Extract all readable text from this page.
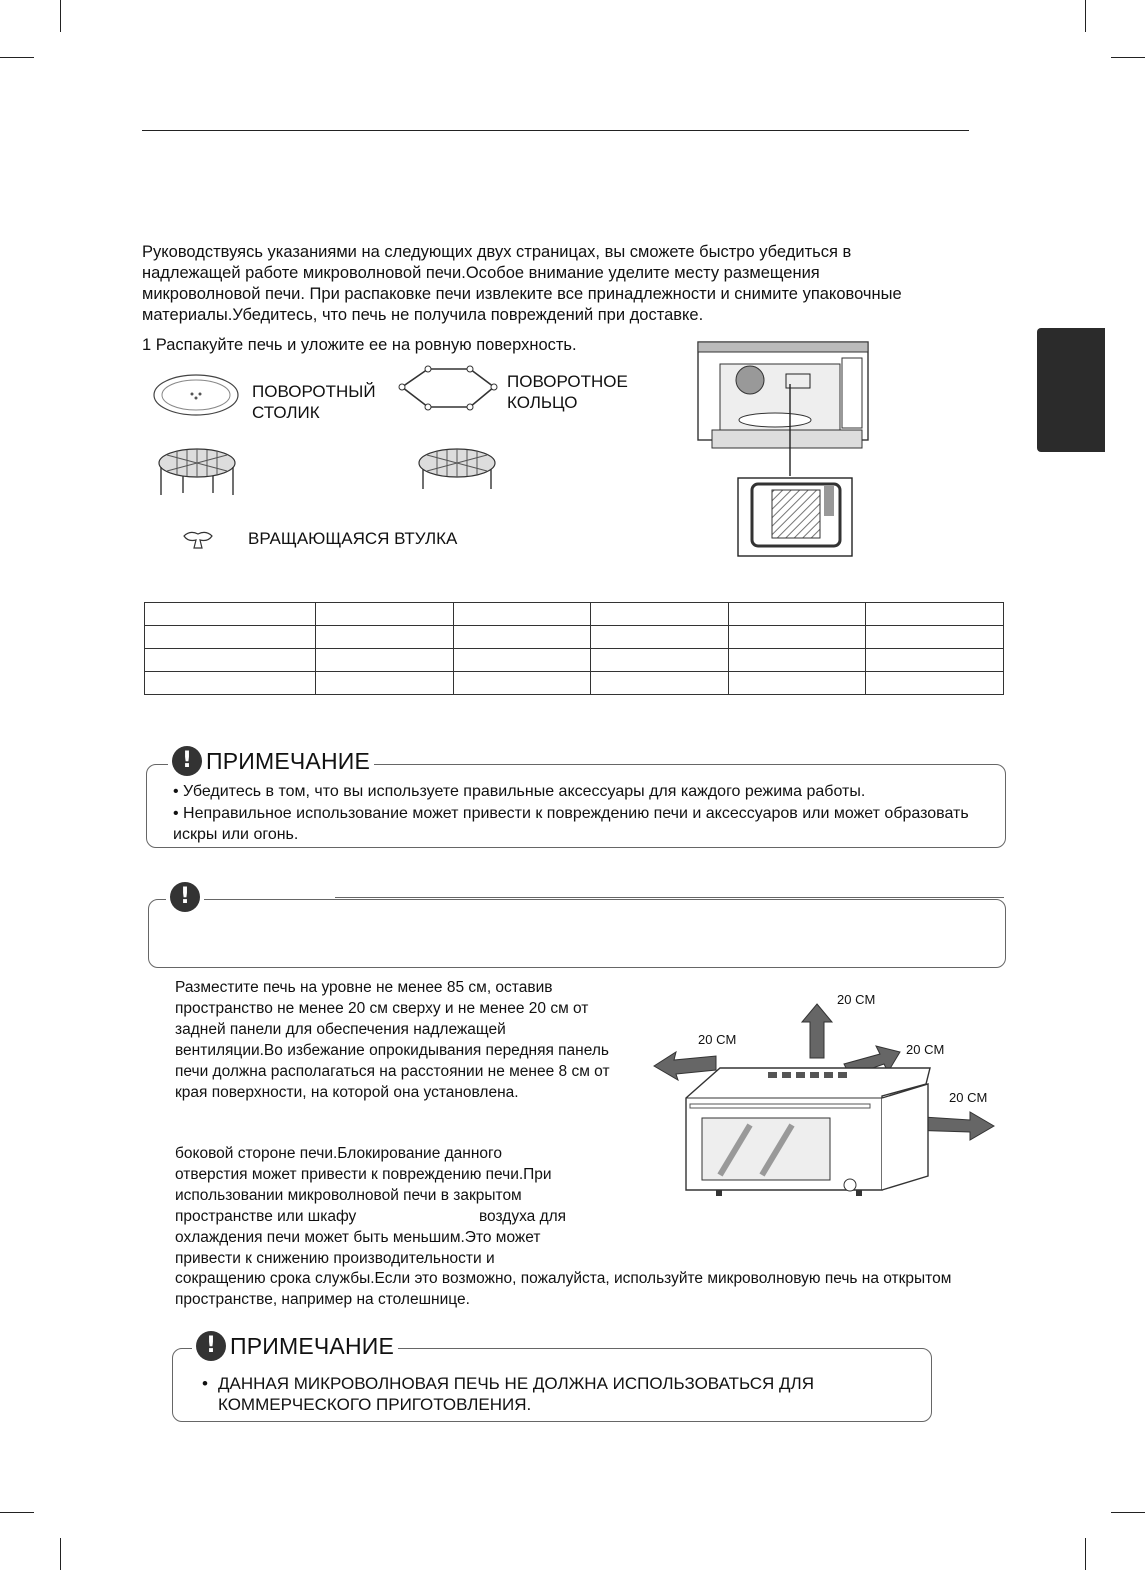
Руководствуясь указаниями на следующих двух страницах, вы сможете быстро убедиться в надлежащей работе микроволновой печи.Особое внимание уделите месту размещения микроволновой печи. При распаковке печи извлеките все принадлежности и снимите упаковочные материалы.Убедитесь, что печь не получила повреждений при доставке.
1 Распакуйте печь и уложите ее на ровную поверхность.
ПОВОРОТНЫЙ СТОЛИК
ПОВОРОТНОЕ КОЛЬЦО
ВРАЩАЮЩАЯСЯ ВТУЛКА

! ПРИМЕЧАНИЕ
• Убедитесь в том, что вы используете правильные аксессуары для каждого режима работы.
• Неправильное использование может привести к повреждению печи и аксессуаров или может образовать искры или огонь.
!
Разместите печь на уровне не менее 85 см, оставив пространство не менее 20 см сверху и не менее 20 см от задней панели для обеспечения надлежащей вентиляции.Во избежание опрокидывания передняя панель печи должна располагаться на расстоянии не менее 8 см от края поверхности, на которой она установлена.
боковой стороне печи.Блокирование данного
отверстия может привести к повреждению печи.При
использовании микроволновой печи в закрытом
пространстве или шкафу	воздуха для
охлаждения печи может быть меньшим.Это может
привести к снижению производительности и
сокращению срока службы.Если это возможно, пожалуйста, используйте микроволновую печь на открытом
пространстве, например на столешнице.
20 CM
20 CM
20 CM
20 CM
! ПРИМЕЧАНИЕ
• ДАННАЯ МИКРОВОЛНОВАЯ ПЕЧЬ НЕ ДОЛЖНА ИСПОЛЬЗОВАТЬСЯ ДЛЯ КОММЕРЧЕСКОГО ПРИГОТОВЛЕНИЯ.
